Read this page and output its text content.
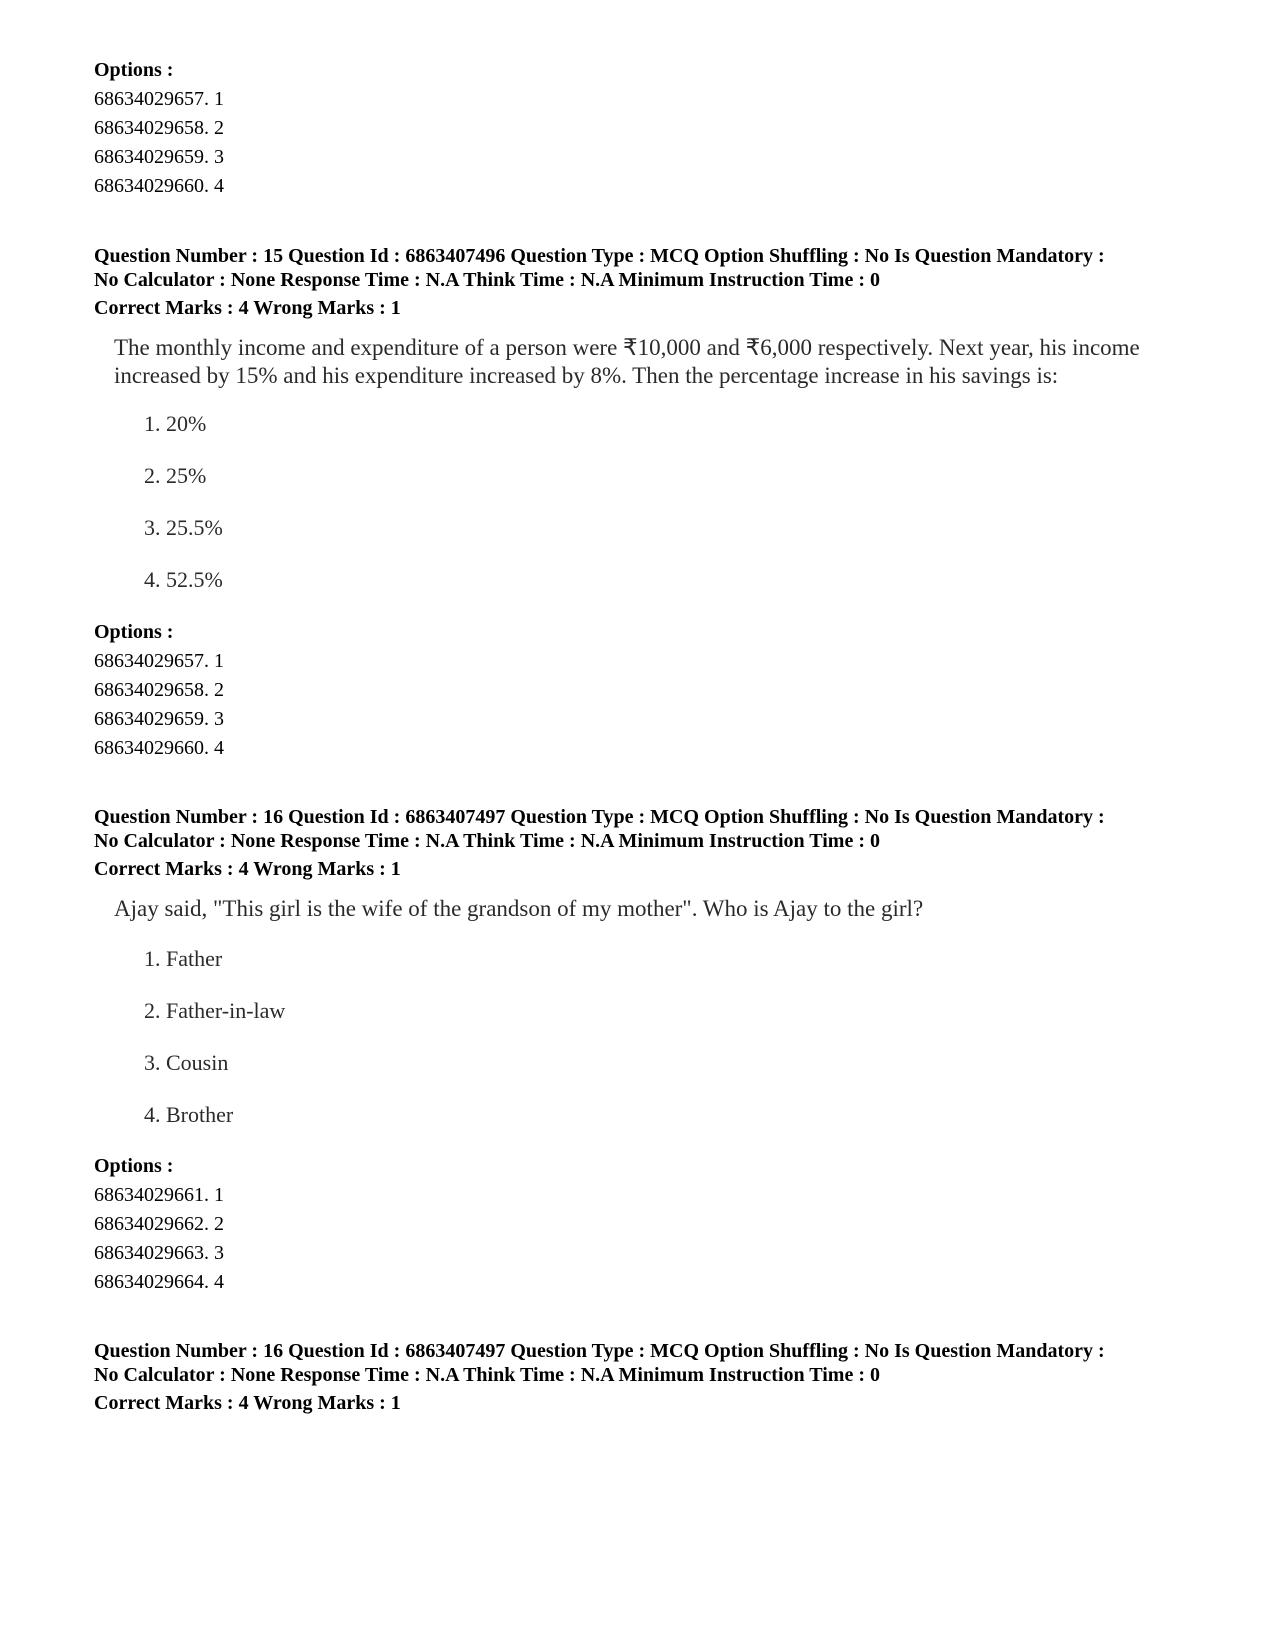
Options :
68634029657. 1
68634029658. 2
68634029659. 3
68634029660. 4
Question Number : 15 Question Id : 6863407496 Question Type : MCQ Option Shuffling : No Is Question Mandatory :
No Calculator : None Response Time : N.A Think Time : N.A Minimum Instruction Time : 0
Correct Marks : 4 Wrong Marks : 1

The monthly income and expenditure of a person were ₹10,000 and ₹6,000 respectively. Next year, his income

increased by 15% and his expenditure increased by 8%. Then the percentage increase in his savings is:

1. 20%
2. 25%
3. 25.5%
4. 52.5%
Options :
68634029657. 1
68634029658. 2
68634029659. 3
68634029660. 4
Question Number : 16 Question Id : 6863407497 Question Type : MCQ Option Shuffling : No Is Question Mandatory :
No Calculator : None Response Time : N.A Think Time : N.A Minimum Instruction Time : 0
Correct Marks : 4 Wrong Marks : 1

Ajay said, "This girl is the wife of the grandson of my mother". Who is Ajay to the girl?

1. Father
2. Father-in-law
3. Cousin
4. Brother
Options :
68634029661. 1
68634029662. 2
68634029663. 3
68634029664. 4
Question Number : 16 Question Id : 6863407497 Question Type : MCQ Option Shuffling : No Is Question Mandatory :
No Calculator : None Response Time : N.A Think Time : N.A Minimum Instruction Time : 0
Correct Marks : 4 Wrong Marks : 1
